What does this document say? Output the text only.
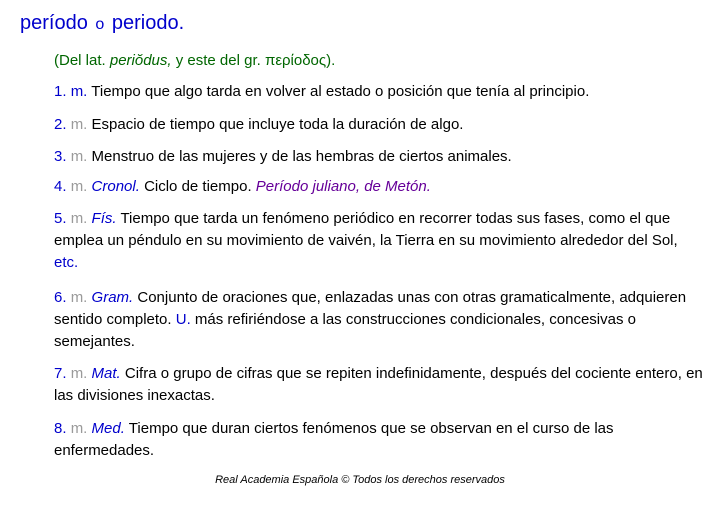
período o periodo.
(Del lat. periŏdus, y este del gr. περίοδος).
1. m. Tiempo que algo tarda en volver al estado o posición que tenía al principio.
2. m. Espacio de tiempo que incluye toda la duración de algo.
3. m. Menstruo de las mujeres y de las hembras de ciertos animales.
4. m. Cronol. Ciclo de tiempo. Período juliano, de Metón.
5. m. Fís. Tiempo que tarda un fenómeno periódico en recorrer todas sus fases, como el que emplea un péndulo en su movimiento de vaivén, la Tierra en su movimiento alrededor del Sol, etc.
6. m. Gram. Conjunto de oraciones que, enlazadas unas con otras gramaticalmente, adquieren sentido completo. U. más refiriéndose a las construcciones condicionales, concesivas o semejantes.
7. m. Mat. Cifra o grupo de cifras que se repiten indefinidamente, después del cociente entero, en las divisiones inexactas.
8. m. Med. Tiempo que duran ciertos fenómenos que se observan en el curso de las enfermedades.
Real Academia Española © Todos los derechos reservados
